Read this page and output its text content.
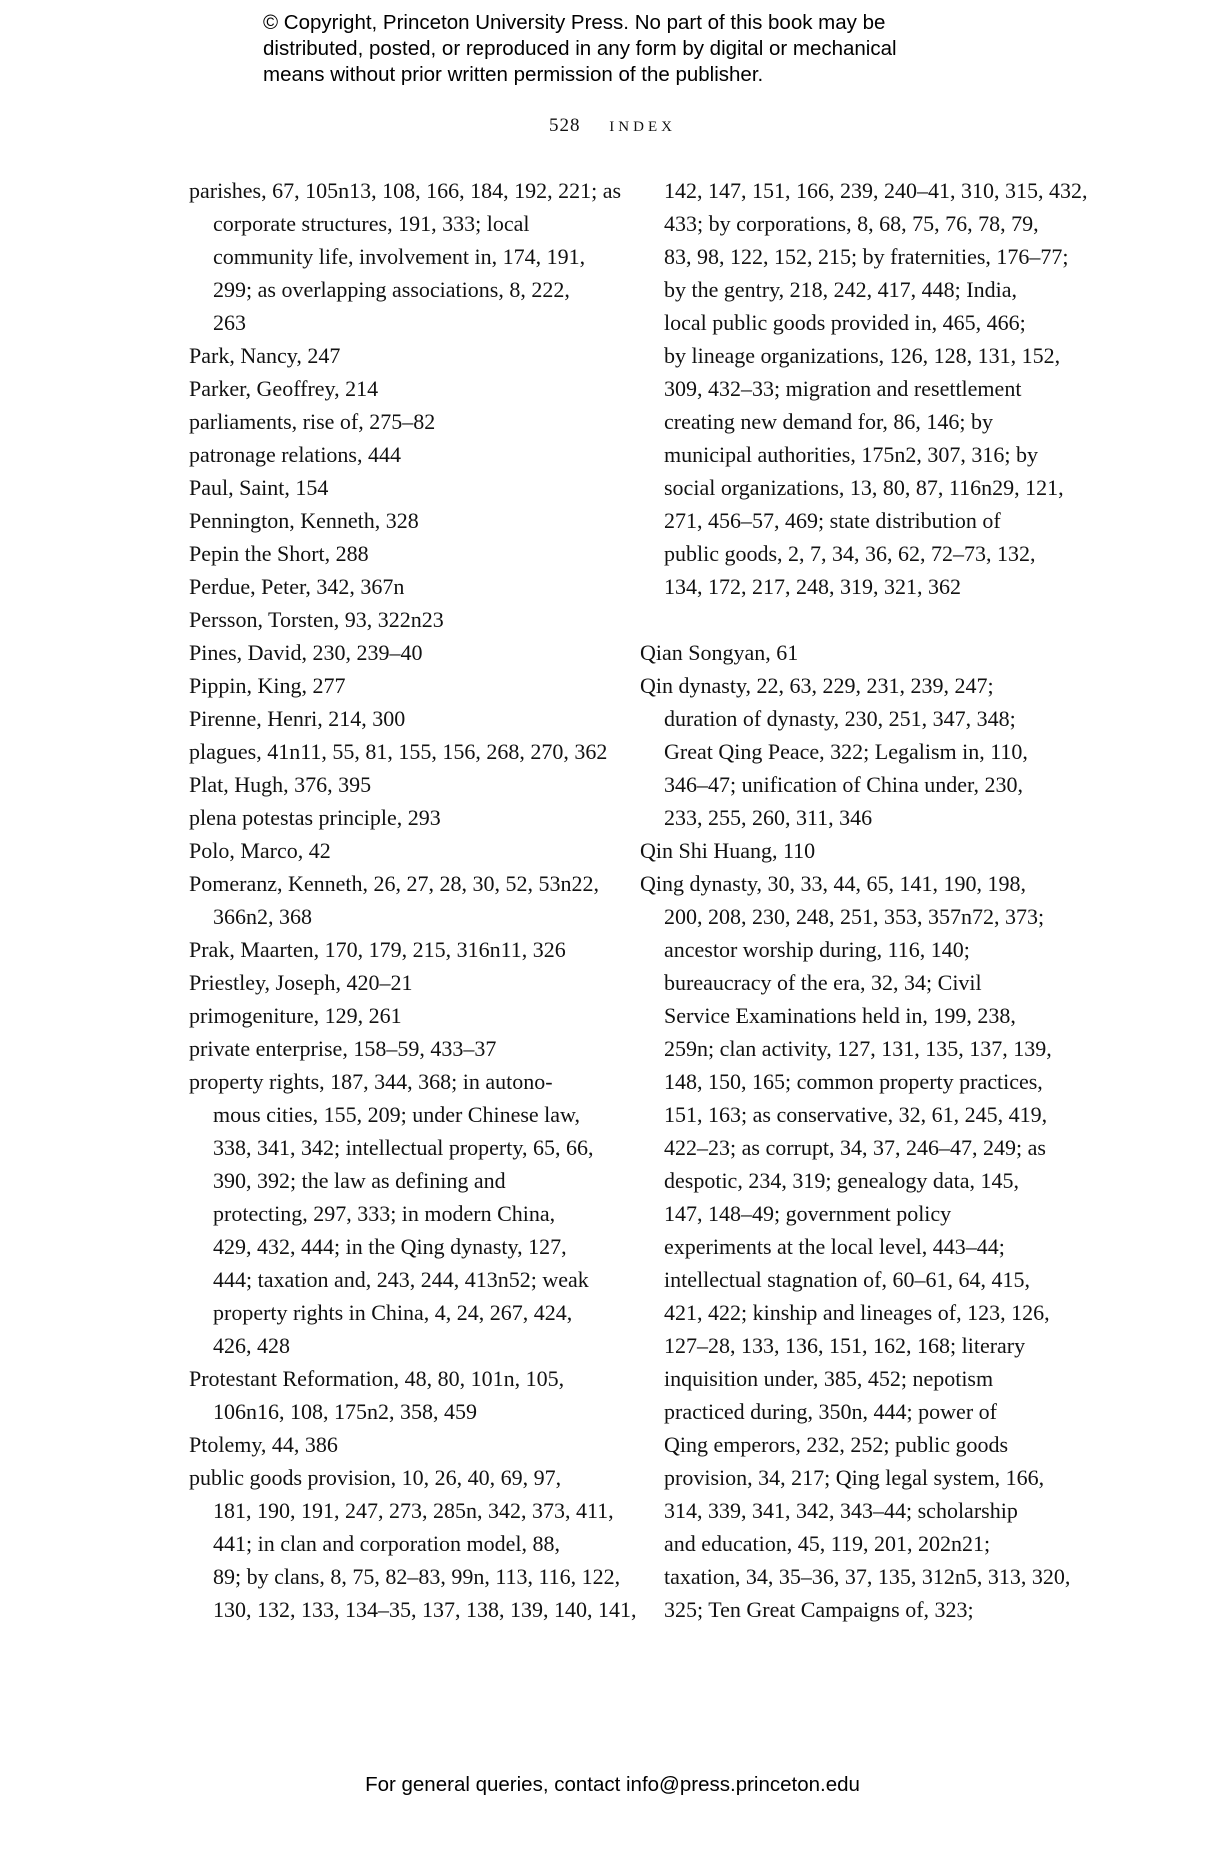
© Copyright, Princeton University Press. No part of this book may be
distributed, posted, or reproduced in any form by digital or mechanical
means without prior written permission of the publisher.
528 index
parishes, 67, 105n13, 108, 166, 184, 192, 221; as
corporate structures, 191, 333; local
community life, involvement in, 174, 191,
299; as overlapping associations, 8, 222,
263
Park, Nancy, 247
Parker, Geoffrey, 214
parliaments, rise of, 275–82
patronage relations, 444
Paul, Saint, 154
Pennington, Kenneth, 328
Pepin the Short, 288
Perdue, Peter, 342, 367n
Persson, Torsten, 93, 322n23
Pines, David, 230, 239–40
Pippin, King, 277
Pirenne, Henri, 214, 300
plagues, 41n11, 55, 81, 155, 156, 268, 270, 362
Plat, Hugh, 376, 395
plena potestas principle, 293
Polo, Marco, 42
Pomeranz, Kenneth, 26, 27, 28, 30, 52, 53n22,
366n2, 368
Prak, Maarten, 170, 179, 215, 316n11, 326
Priestley, Joseph, 420–21
primogeniture, 129, 261
private enterprise, 158–59, 433–37
property rights, 187, 344, 368; in autono-
mous cities, 155, 209; under Chinese law,
338, 341, 342; intellectual property, 65, 66,
390, 392; the law as defining and
protecting, 297, 333; in modern China,
429, 432, 444; in the Qing dynasty, 127,
444; taxation and, 243, 244, 413n52; weak
property rights in China, 4, 24, 267, 424,
426, 428
Protestant Reformation, 48, 80, 101n, 105,
106n16, 108, 175n2, 358, 459
Ptolemy, 44, 386
public goods provision, 10, 26, 40, 69, 97,
181, 190, 191, 247, 273, 285n, 342, 373, 411,
441; in clan and corporation model, 88,
89; by clans, 8, 75, 82–83, 99n, 113, 116, 122,
130, 132, 133, 134–35, 137, 138, 139, 140, 141,
142, 147, 151, 166, 239, 240–41, 310, 315, 432,
433; by corporations, 8, 68, 75, 76, 78, 79,
83, 98, 122, 152, 215; by fraternities, 176–77;
by the gentry, 218, 242, 417, 448; India,
local public goods provided in, 465, 466;
by lineage organizations, 126, 128, 131, 152,
309, 432–33; migration and resettlement
creating new demand for, 86, 146; by
municipal authorities, 175n2, 307, 316; by
social organizations, 13, 80, 87, 116n29, 121,
271, 456–57, 469; state distribution of
public goods, 2, 7, 34, 36, 62, 72–73, 132,
134, 172, 217, 248, 319, 321, 362
Qian Songyan, 61
Qin dynasty, 22, 63, 229, 231, 239, 247;
duration of dynasty, 230, 251, 347, 348;
Great Qing Peace, 322; Legalism in, 110,
346–47; unification of China under, 230,
233, 255, 260, 311, 346
Qin Shi Huang, 110
Qing dynasty, 30, 33, 44, 65, 141, 190, 198,
200, 208, 230, 248, 251, 353, 357n72, 373;
ancestor worship during, 116, 140;
bureaucracy of the era, 32, 34; Civil
Service Examinations held in, 199, 238,
259n; clan activity, 127, 131, 135, 137, 139,
148, 150, 165; common property practices,
151, 163; as conservative, 32, 61, 245, 419,
422–23; as corrupt, 34, 37, 246–47, 249; as
despotic, 234, 319; genealogy data, 145,
147, 148–49; government policy
experiments at the local level, 443–44;
intellectual stagnation of, 60–61, 64, 415,
421, 422; kinship and lineages of, 123, 126,
127–28, 133, 136, 151, 162, 168; literary
inquisition under, 385, 452; nepotism
practiced during, 350n, 444; power of
Qing emperors, 232, 252; public goods
provision, 34, 217; Qing legal system, 166,
314, 339, 341, 342, 343–44; scholarship
and education, 45, 119, 201, 202n21;
taxation, 34, 35–36, 37, 135, 312n5, 313, 320,
325; Ten Great Campaigns of, 323;
For general queries, contact info@press.princeton.edu
